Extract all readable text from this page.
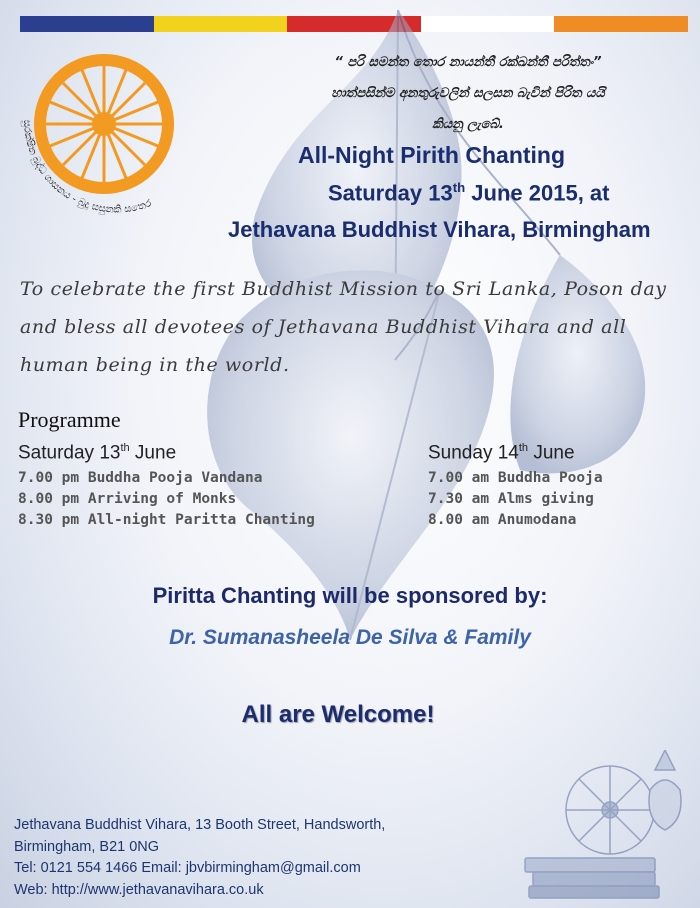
සුරක්ෂිත බුද්ධ ශාසනය - බුදු සසුනකි සතෙර
“ පරි සමන්ත තොර නායන්තී රක්ඛන්තී පරිත්තං”
හාත්පසින්ම අනතුරුවලින් සලසන බැවින් පිරිත යයි
කියනු ලැබේ.
All-Night Pirith Chanting
Saturday 13th June 2015, at
Jethavana Buddhist Vihara, Birmingham
To celebrate the first Buddhist Mission to Sri Lanka, Poson day and bless all devotees of Jethavana Buddhist Vihara and all human being in the world.
Programme
Saturday 13th June
7.00 pm Buddha Pooja Vandana
8.00 pm Arriving of Monks
8.30 pm All-night Paritta Chanting
Sunday 14th June
7.00 am Buddha Pooja
7.30 am Alms giving
8.00 am Anumodana
Piritta Chanting will be sponsored by:
Dr. Sumanasheela De Silva & Family
All are Welcome!
Jethavana Buddhist Vihara, 13 Booth Street, Handsworth,
Birmingham, B21 0NG
Tel: 0121 554 1466 Email: jbvbirmingham@gmail.com
Web: http://www.jethavanavihara.co.uk
